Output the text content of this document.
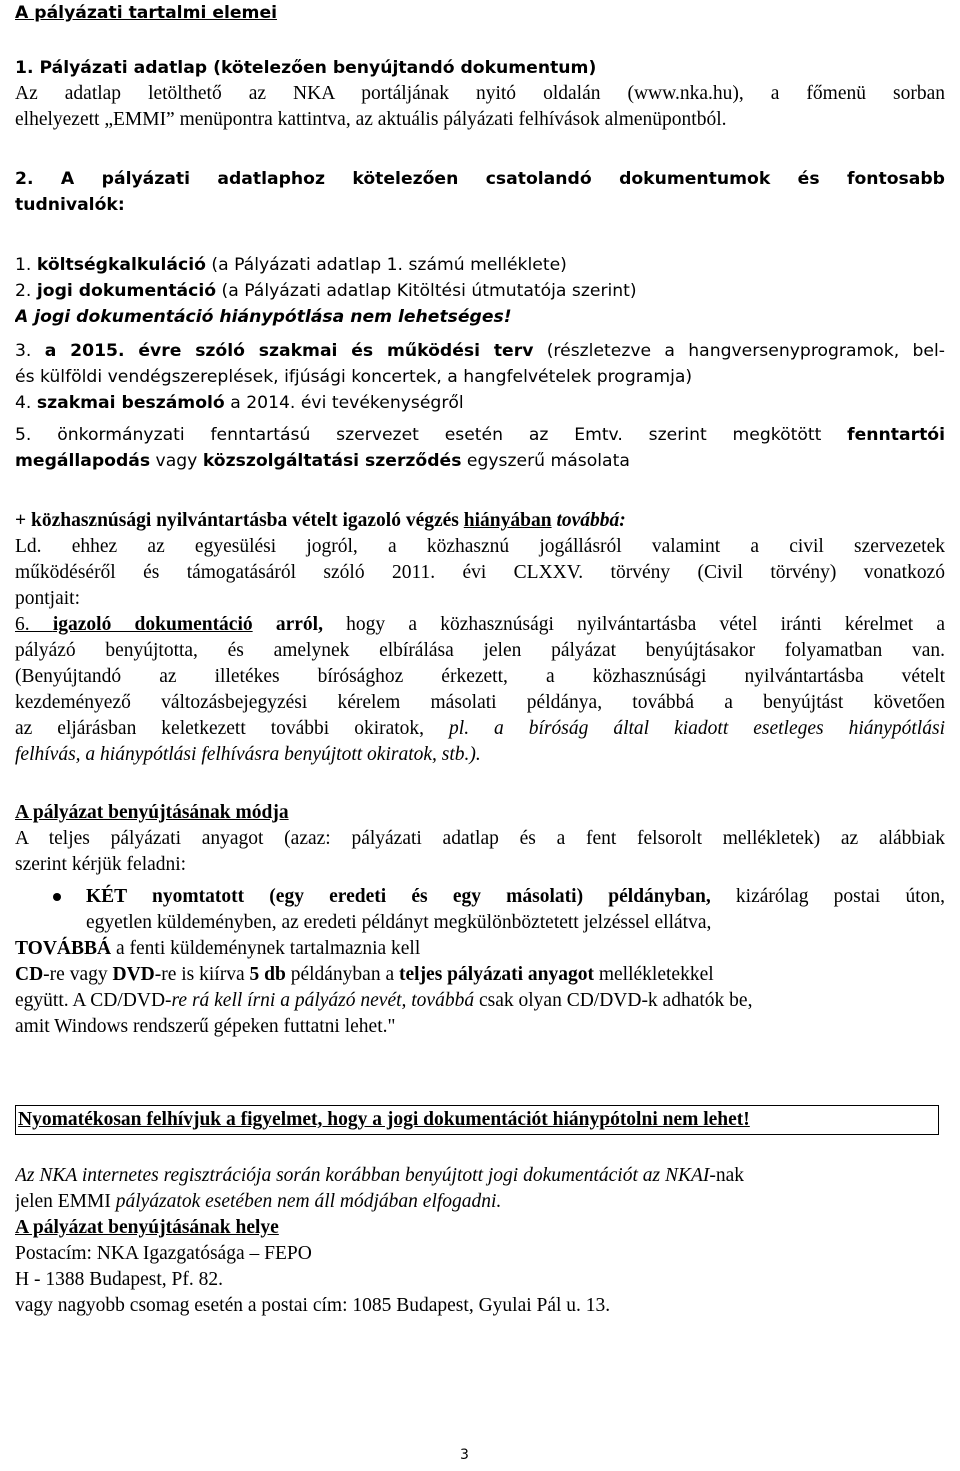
A pályázati tartalmi elemei
1. Pályázati adatlap (kötelezően benyújtandó dokumentum)
Az adatlap letölthető az NKA portáljának nyitó oldalán (www.nka.hu), a főmenü sorban
elhelyezett „EMMI” menüpontra kattintva, az aktuális pályázati felhívások almenüpontból.
2. A pályázati adatlaphoz kötelezően csatolandó dokumentumok és fontosabb tudnivalók:
1. költségkalkuláció (a Pályázati adatlap 1. számú melléklete)
2. jogi dokumentáció (a Pályázati adatlap Kitöltési útmutatója szerint)
A jogi dokumentáció hiánypótlása nem lehetséges!
3. a 2015. évre szóló szakmai és működési terv (részletezve a hangversenyprogramok, bel-
és külföldi vendégszereplések, ifjúsági koncertek, a hangfelvételek programja)
4. szakmai beszámoló a 2014. évi tevékenységről
5. önkormányzati fenntartású szervezet esetén az Emtv. szerint megkötött fenntartói
megállapodás vagy közszolgáltatási szerződés egyszerű másolata
+ közhasznúsági nyilvántartásba vételt igazoló végzés hiányában továbbá:
Ld. ehhez az egyesülési jogról, a közhasznú jogállásról valamint a civil szervezetek
működéséről és támogatásáról szóló 2011. évi CLXXV. törvény (Civil törvény) vonatkozó
pontjait:
6. igazoló dokumentáció arról, hogy a közhasznúsági nyilvántartásba vétel iránti kérelmet a
pályázó benyújtotta, és amelynek elbírálása jelen pályázat benyújtásakor folyamatban van.
(Benyújtandó az illetékes bírósághoz érkezett, a közhasznúsági nyilvántartásba vételt
kezdeményező változásbejegyzési kérelem másolati példánya, továbbá a benyújtást követően
az eljárásban keletkezett további okiratok, pl. a bíróság által kiadott esetleges hiánypótlási
felhívás, a hiánypótlási felhívásra benyújtott okiratok, stb.).
A pályázat benyújtásának módja
A teljes pályázati anyagot (azaz: pályázati adatlap és a fent felsorolt mellékletek) az alábbiak
szerint kérjük feladni:
KÉT nyomtatott (egy eredeti és egy másolati) példányban, kizárólag postai úton,
egyetlen küldeményben, az eredeti példányt megkülönböztetett jelzéssel ellátva,
TOVÁBBÁ a fenti küldeménynek tartalmaznia kell
CD-re vagy DVD-re is kiírva 5 db példányban a teljes pályázati anyagot mellékletekkel
együtt. A CD/DVD-re rá kell írni a pályázó nevét, továbbá csak olyan CD/DVD-k adhatók be,
amit Windows rendszerű gépeken futtatni lehet."
Nyomatékosan felhívjuk a figyelmet, hogy a jogi dokumentációt hiánypótolni nem lehet!
Az NKA internetes regisztrációja során korábban benyújtott jogi dokumentációt az NKAI-nak
jelen EMMI pályázatok esetében nem áll módjában elfogadni.
A pályázat benyújtásának helye
Postacím: NKA Igazgatósága – FEPO
H - 1388 Budapest, Pf. 82.
vagy nagyobb csomag esetén a postai cím: 1085 Budapest, Gyulai Pál u. 13.
3
